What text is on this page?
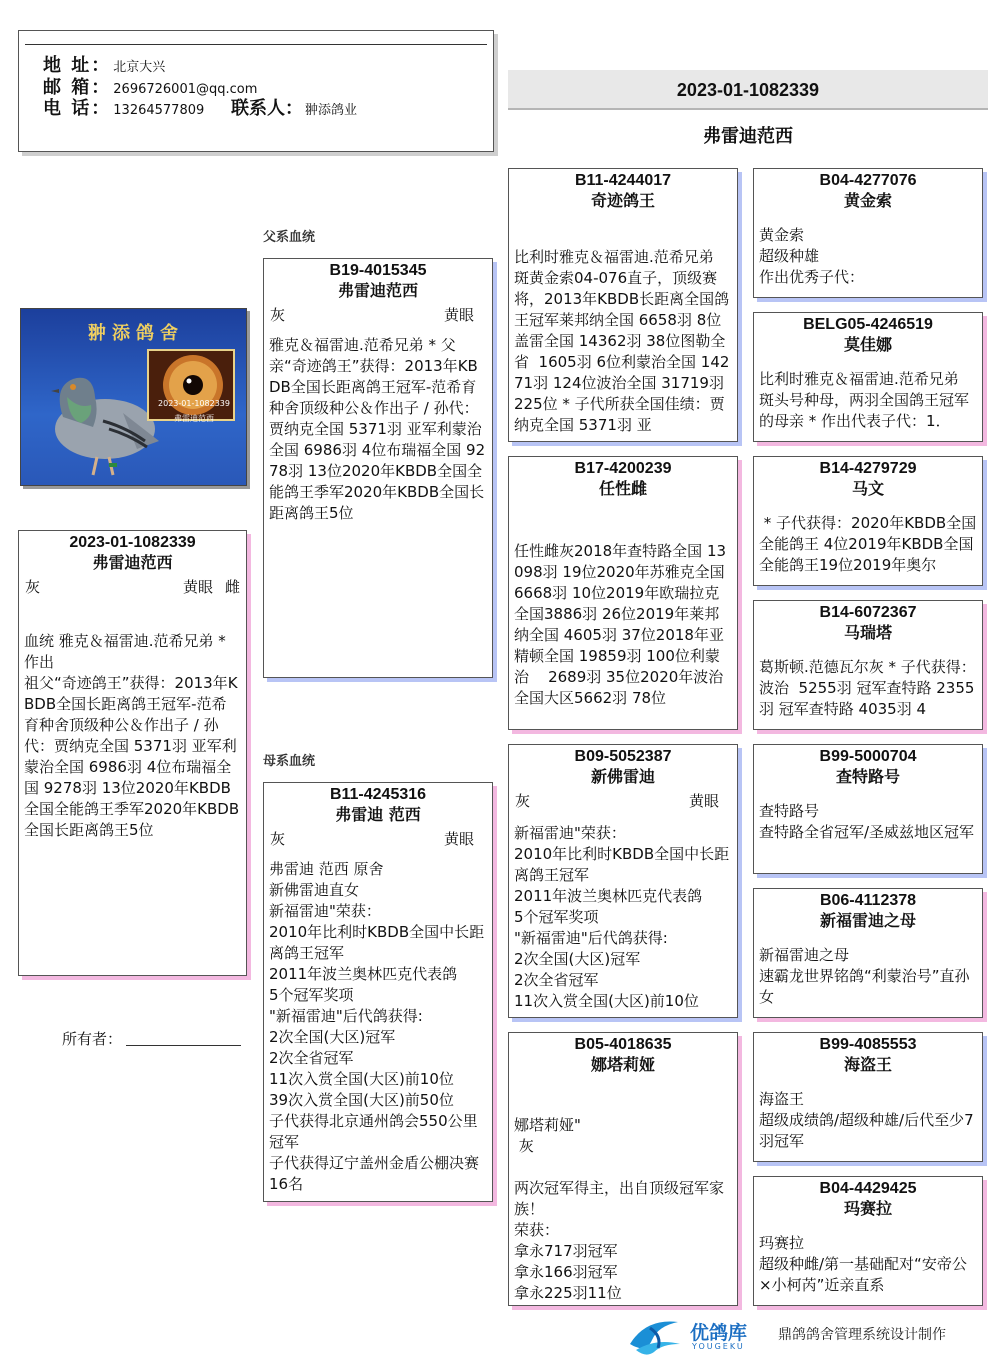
地 址： 北京大兴
邮 箱： 2696726001@qq.com
电 话： 13264577809 联系人： 翀添鸽业
2023-01-1082339
弗雷迪范西
父系血统
母系血统
翀添鸽舍
2023-01-1082339
弗雷迪范西
2023-01-1082339
弗雷迪范西
灰	黄眼 雌
血统 雅克＆福雷迪.范希兄弟 * 作出
祖父“奇迹鸽王”获得：2013年KBDB全国长距离鸽王冠军-范希育种舍顶级种公＆作出子 / 孙代：贾纳克全国 5371羽 亚军利蒙治全国 6986羽 4位布瑞福全国 9278羽 13位2020年KBDB全国全能鸽王季军2020年KBDB全国长距离鸽王5位
所有者：
B19-4015345
弗雷迪范西
灰	黄眼
雅克＆福雷迪.范希兄弟 * 父亲“奇迹鸽王”获得：2013年KBDB全国长距离鸽王冠军-范希育种舍顶级种公＆作出子 / 孙代：贾纳克全国 5371羽 亚军利蒙治全国 6986羽 4位布瑞福全国 9278羽 13位2020年KBDB全国全能鸽王季军2020年KBDB全国长距离鸽王5位
B11-4245316
弗雷迪 范西
灰	黄眼
弗雷迪 范西 原舍
新佛雷迪直女
新福雷迪"荣获：
2010年比利时KBDB全国中长距离鸽王冠军
2011年波兰奥林匹克代表鸽
5个冠军奖项
"新福雷迪"后代鸽获得:
2次全国(大区)冠军
2次全省冠军
11次入赏全国(大区)前10位
39次入赏全国(大区)前50位
子代获得北京通州鸽会550公里冠军
子代获得辽宁盖州金盾公棚决赛16名
B11-4244017
奇迹鸽王
比利时雅克＆福雷迪.范希兄弟 斑黄金索04-076直子，顶级赛将，2013年KBDB长距离全国鸽王冠军莱邦纳全国 6658羽 8位盖雷全国 14362羽 38位图勒全省  1605羽 6位利蒙治全国 14271羽 124位波治全国 31719羽 225位 * 子代所获全国佳绩：贾纳克全国 5371羽 亚
B17-4200239
任性雌
任性雌灰2018年查特路全国 13098羽 19位2020年苏雅克全国 6668羽 10位2019年欧瑞拉克全国3886羽 26位2019年莱邦纳全国 4605羽 37位2018年亚精顿全国 19859羽 100位利蒙治    2689羽 35位2020年波治全国大区5662羽 78位
B09-5052387
新佛雷迪
灰	黄眼
新福雷迪"荣获：
2010年比利时KBDB全国中长距离鸽王冠军
2011年波兰奥林匹克代表鸽
5个冠军奖项
"新福雷迪"后代鸽获得:
2次全国(大区)冠军
2次全省冠军
11次入赏全国(大区)前10位
B05-4018635
娜塔莉娅
娜塔莉娅"
灰

两次冠军得主，出自顶级冠军家族！
荣获：
拿永717羽冠军
拿永166羽冠军
拿永225羽11位
B04-4277076
黄金索
黄金索
超级种雄
作出优秀子代：
BELG05-4246519
莫佳娜
比利时雅克＆福雷迪.范希兄弟 斑头号种母，两羽全国鸽王冠军的母亲 * 作出代表子代：1．
B14-4279729
马文
* 子代获得：2020年KBDB全国全能鸽王 4位2019年KBDB全国全能鸽王19位2019年奥尔
B14-6072367
马瑞塔
葛斯顿.范德瓦尔灰 * 子代获得：波治  5255羽 冠军查特路 2355羽 冠军查特路 4035羽 4
B99-5000704
查特路号
查特路号
查特路全省冠军/圣威兹地区冠军
B06-4112378
新福雷迪之母
新福雷迪之母
速霸龙世界铭鸽“利蒙治号”直孙女
B99-4085553
海盗王
海盗王
超级成绩鸽/超级种雄/后代至少7羽冠军
B04-4429425
玛赛拉
玛赛拉
超级种雌/第一基础配对“安帝公×小柯芮”近亲直系
优鸽库
YOUGEKU
鼎鸽鸽舍管理系统设计制作
